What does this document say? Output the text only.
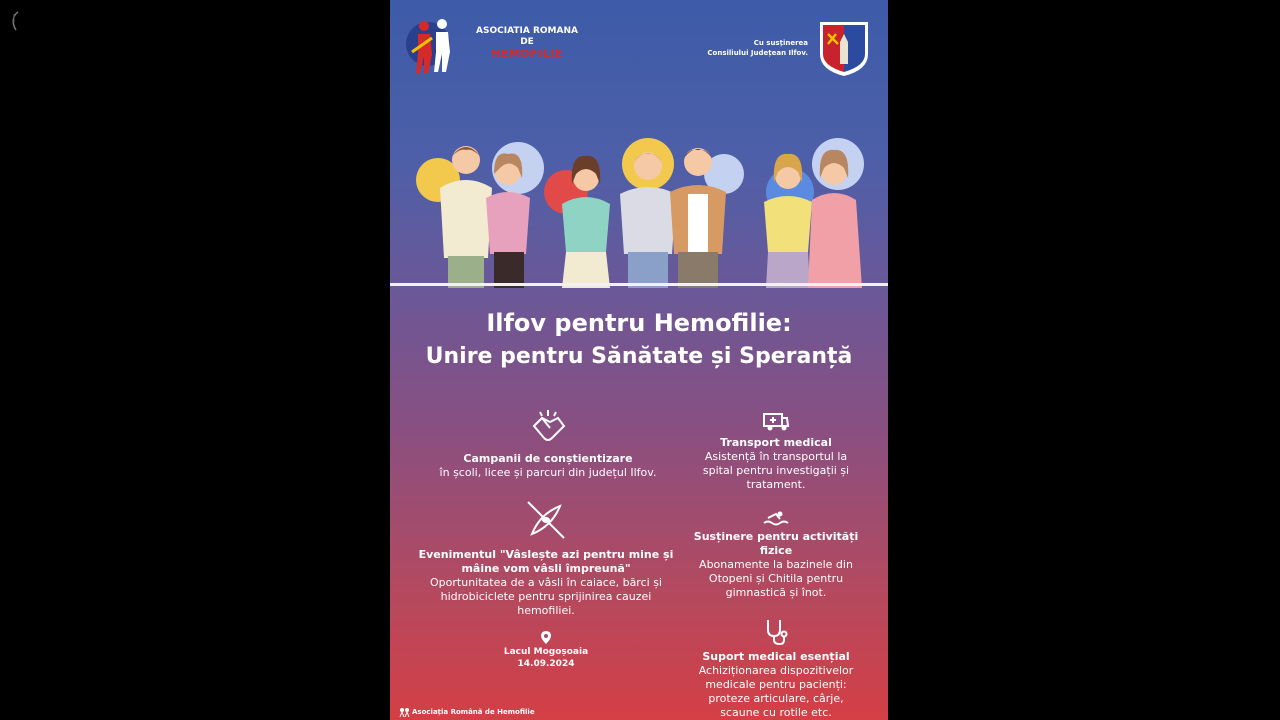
ASOCIATIA ROMANA
DE
HEMOFILIE
Cu susținerea
Consiliului Județean Ilfov.
Ilfov pentru Hemofilie:
Unire pentru Sănătate și Speranță
Campanii de conștientizare
în școli, licee și parcuri din județul Ilfov.
Transport medical
Asistență în transportul la spital pentru investigații și tratament.
Evenimentul "Vâslește azi pentru mine și mâine vom vâsli împreună"
Oportunitatea de a vâsli în caiace, bărci și hidrobiciclete pentru sprijinirea cauzei hemofiliei.
Susținere pentru activități fizice
Abonamente la bazinele din Otopeni și Chitila pentru gimnastică și înot.
Lacul Mogoșoaia
14.09.2024
Suport medical esențial
Achiziționarea dispozitivelor medicale pentru pacienți: proteze articulare, cârje, scaune cu rotile etc.
Asociația Română de Hemofilie
